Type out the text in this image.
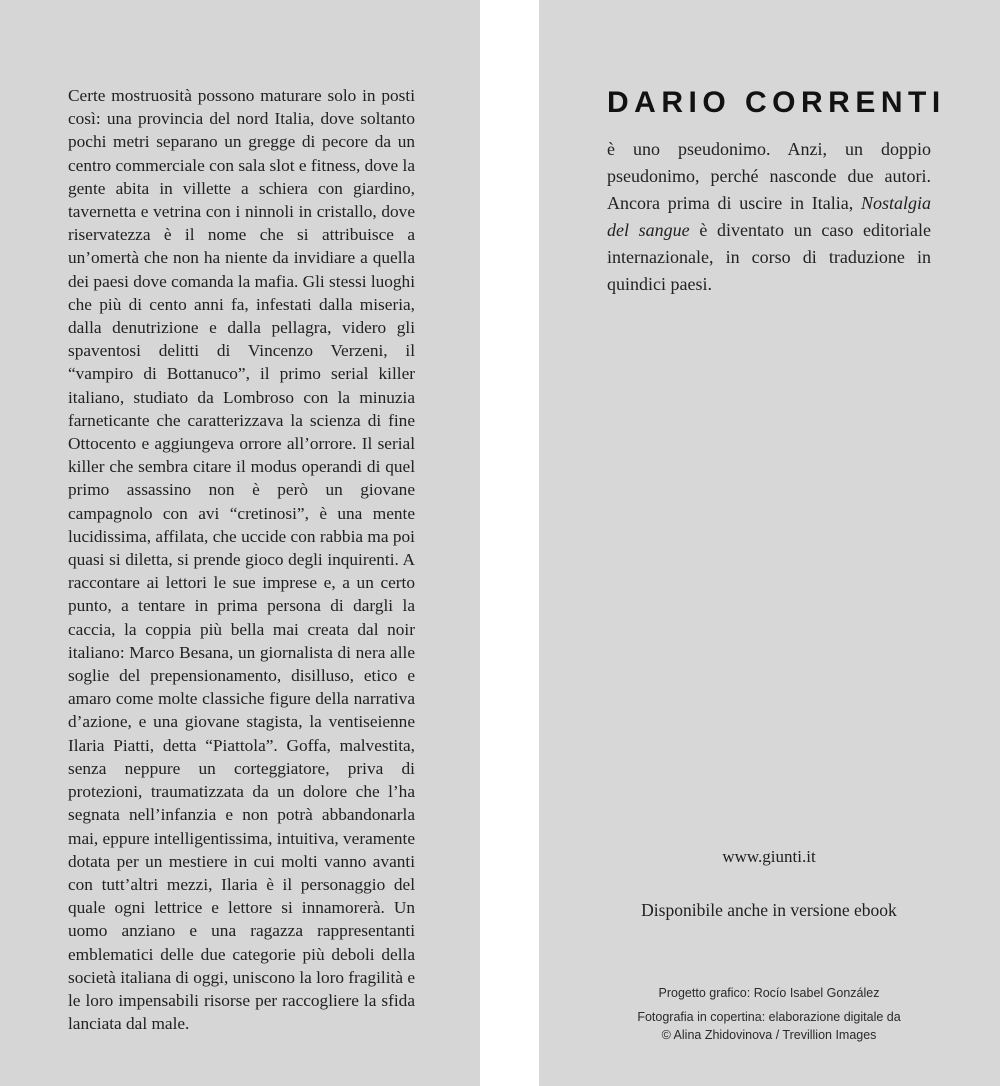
Certe mostruosità possono maturare solo in posti così: una provincia del nord Italia, dove soltanto pochi metri separano un gregge di pecore da un centro commerciale con sala slot e fitness, dove la gente abita in villette a schiera con giardino, tavernetta e vetrina con i ninnoli in cristallo, dove riservatezza è il nome che si attribuisce a un’omertà che non ha niente da invidiare a quella dei paesi dove comanda la mafia. Gli stessi luoghi che più di cento anni fa, infestati dalla miseria, dalla denutrizione e dalla pellagra, videro gli spaventosi delitti di Vincenzo Verzeni, il “vampiro di Bottanuco”, il primo serial killer italiano, studiato da Lombroso con la minuzia farneticante che caratterizzava la scienza di fine Ottocento e aggiungeva orrore all’orrore. Il serial killer che sembra citare il modus operandi di quel primo assassino non è però un giovane campagnolo con avi “cretinosi”, è una mente lucidissima, affilata, che uccide con rabbia ma poi quasi si diletta, si prende gioco degli inquirenti. A raccontare ai lettori le sue imprese e, a un certo punto, a tentare in prima persona di dargli la caccia, la coppia più bella mai creata dal noir italiano: Marco Besana, un giornalista di nera alle soglie del prepensionamento, disilluso, etico e amaro come molte classiche figure della narrativa d’azione, e una giovane stagista, la ventiseienne Ilaria Piatti, detta “Piattola”. Goffa, malvestita, senza neppure un corteggiatore, priva di protezioni, traumatizzata da un dolore che l’ha segnata nell’infanzia e non potrà abbandonarla mai, eppure intelligentissima, intuitiva, veramente dotata per un mestiere in cui molti vanno avanti con tutt’altri mezzi, Ilaria è il personaggio del quale ogni lettrice e lettore si innamorerà. Un uomo anziano e una ragazza rappresentanti emblematici delle due categorie più deboli della società italiana di oggi, uniscono la loro fragilità e le loro impensabili risorse per raccogliere la sfida lanciata dal male.

DARIO CORRENTI

è uno pseudonimo. Anzi, un doppio pseudonimo, perché nasconde due autori. Ancora prima di uscire in Italia, Nostalgia del sangue è diventato un caso editoriale internazionale, in corso di traduzione in quindici paesi.

www.giunti.it

Disponibile anche in versione ebook

Progetto grafico: Rocío Isabel González

Fotografia in copertina: elaborazione digitale da

© Alina Zhidovinova / Trevillion Images
